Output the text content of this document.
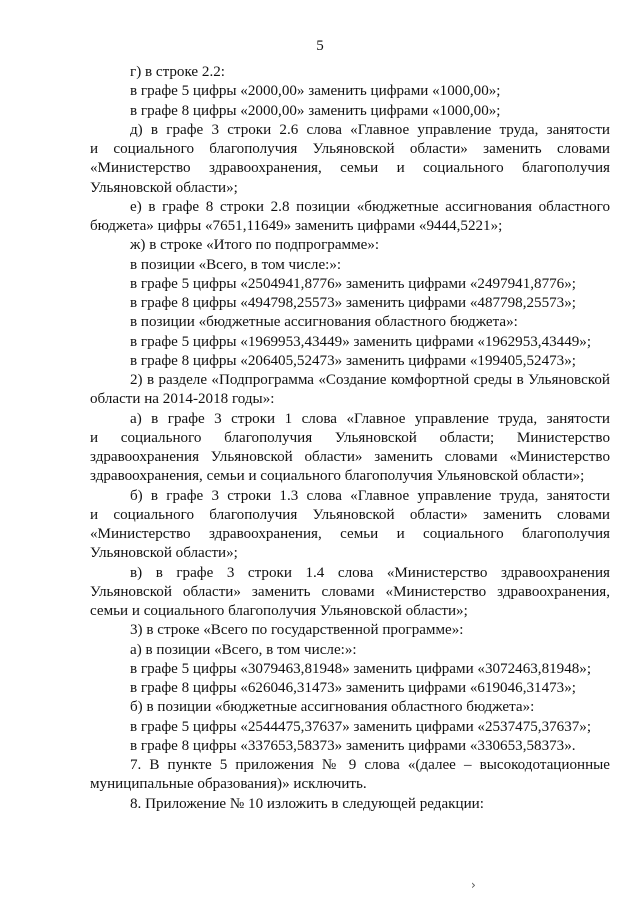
5
г) в строке 2.2:
в графе 5 цифры «2000,00» заменить цифрами «1000,00»;
в графе 8 цифры «2000,00» заменить цифрами «1000,00»;
д) в графе 3 строки 2.6 слова «Главное управление труда, занятости
и социального благополучия Ульяновской области» заменить словами
«Министерство здравоохранения, семьи и социального благополучия
Ульяновской области»;
е) в графе 8 строки 2.8 позиции «бюджетные ассигнования областного
бюджета» цифры «7651,11649» заменить цифрами «9444,5221»;
ж) в строке «Итого по подпрограмме»:
в позиции «Всего, в том числе:»:
в графе 5 цифры «2504941,8776» заменить цифрами «2497941,8776»;
в графе 8 цифры «494798,25573» заменить цифрами «487798,25573»;
в позиции «бюджетные ассигнования областного бюджета»:
в графе 5 цифры «1969953,43449» заменить цифрами «1962953,43449»;
в графе 8 цифры «206405,52473» заменить цифрами «199405,52473»;
2) в разделе «Подпрограмма «Создание комфортной среды в Ульяновской
области на 2014-2018 годы»:
а) в графе 3 строки 1 слова «Главное управление труда, занятости
и социального благополучия Ульяновской области; Министерство
здравоохранения Ульяновской области» заменить словами «Министерство
здравоохранения, семьи и социального благополучия Ульяновской области»;
б) в графе 3 строки 1.3 слова «Главное управление труда, занятости
и социального благополучия Ульяновской области» заменить словами
«Министерство здравоохранения, семьи и социального благополучия
Ульяновской области»;
в) в графе 3 строки 1.4 слова «Министерство здравоохранения
Ульяновской области» заменить словами «Министерство здравоохранения,
семьи и социального благополучия Ульяновской области»;
3) в строке «Всего по государственной программе»:
а) в позиции «Всего, в том числе:»:
в графе 5 цифры «3079463,81948» заменить цифрами «3072463,81948»;
в графе 8 цифры «626046,31473» заменить цифрами «619046,31473»;
б) в позиции «бюджетные ассигнования областного бюджета»:
в графе 5 цифры «2544475,37637» заменить цифрами «2537475,37637»;
в графе 8 цифры «337653,58373» заменить цифрами «330653,58373».
7. В пункте 5 приложения № 9 слова «(далее – высокодотационные
муниципальные образования)» исключить.
8. Приложение № 10 изложить в следующей редакции:
›
